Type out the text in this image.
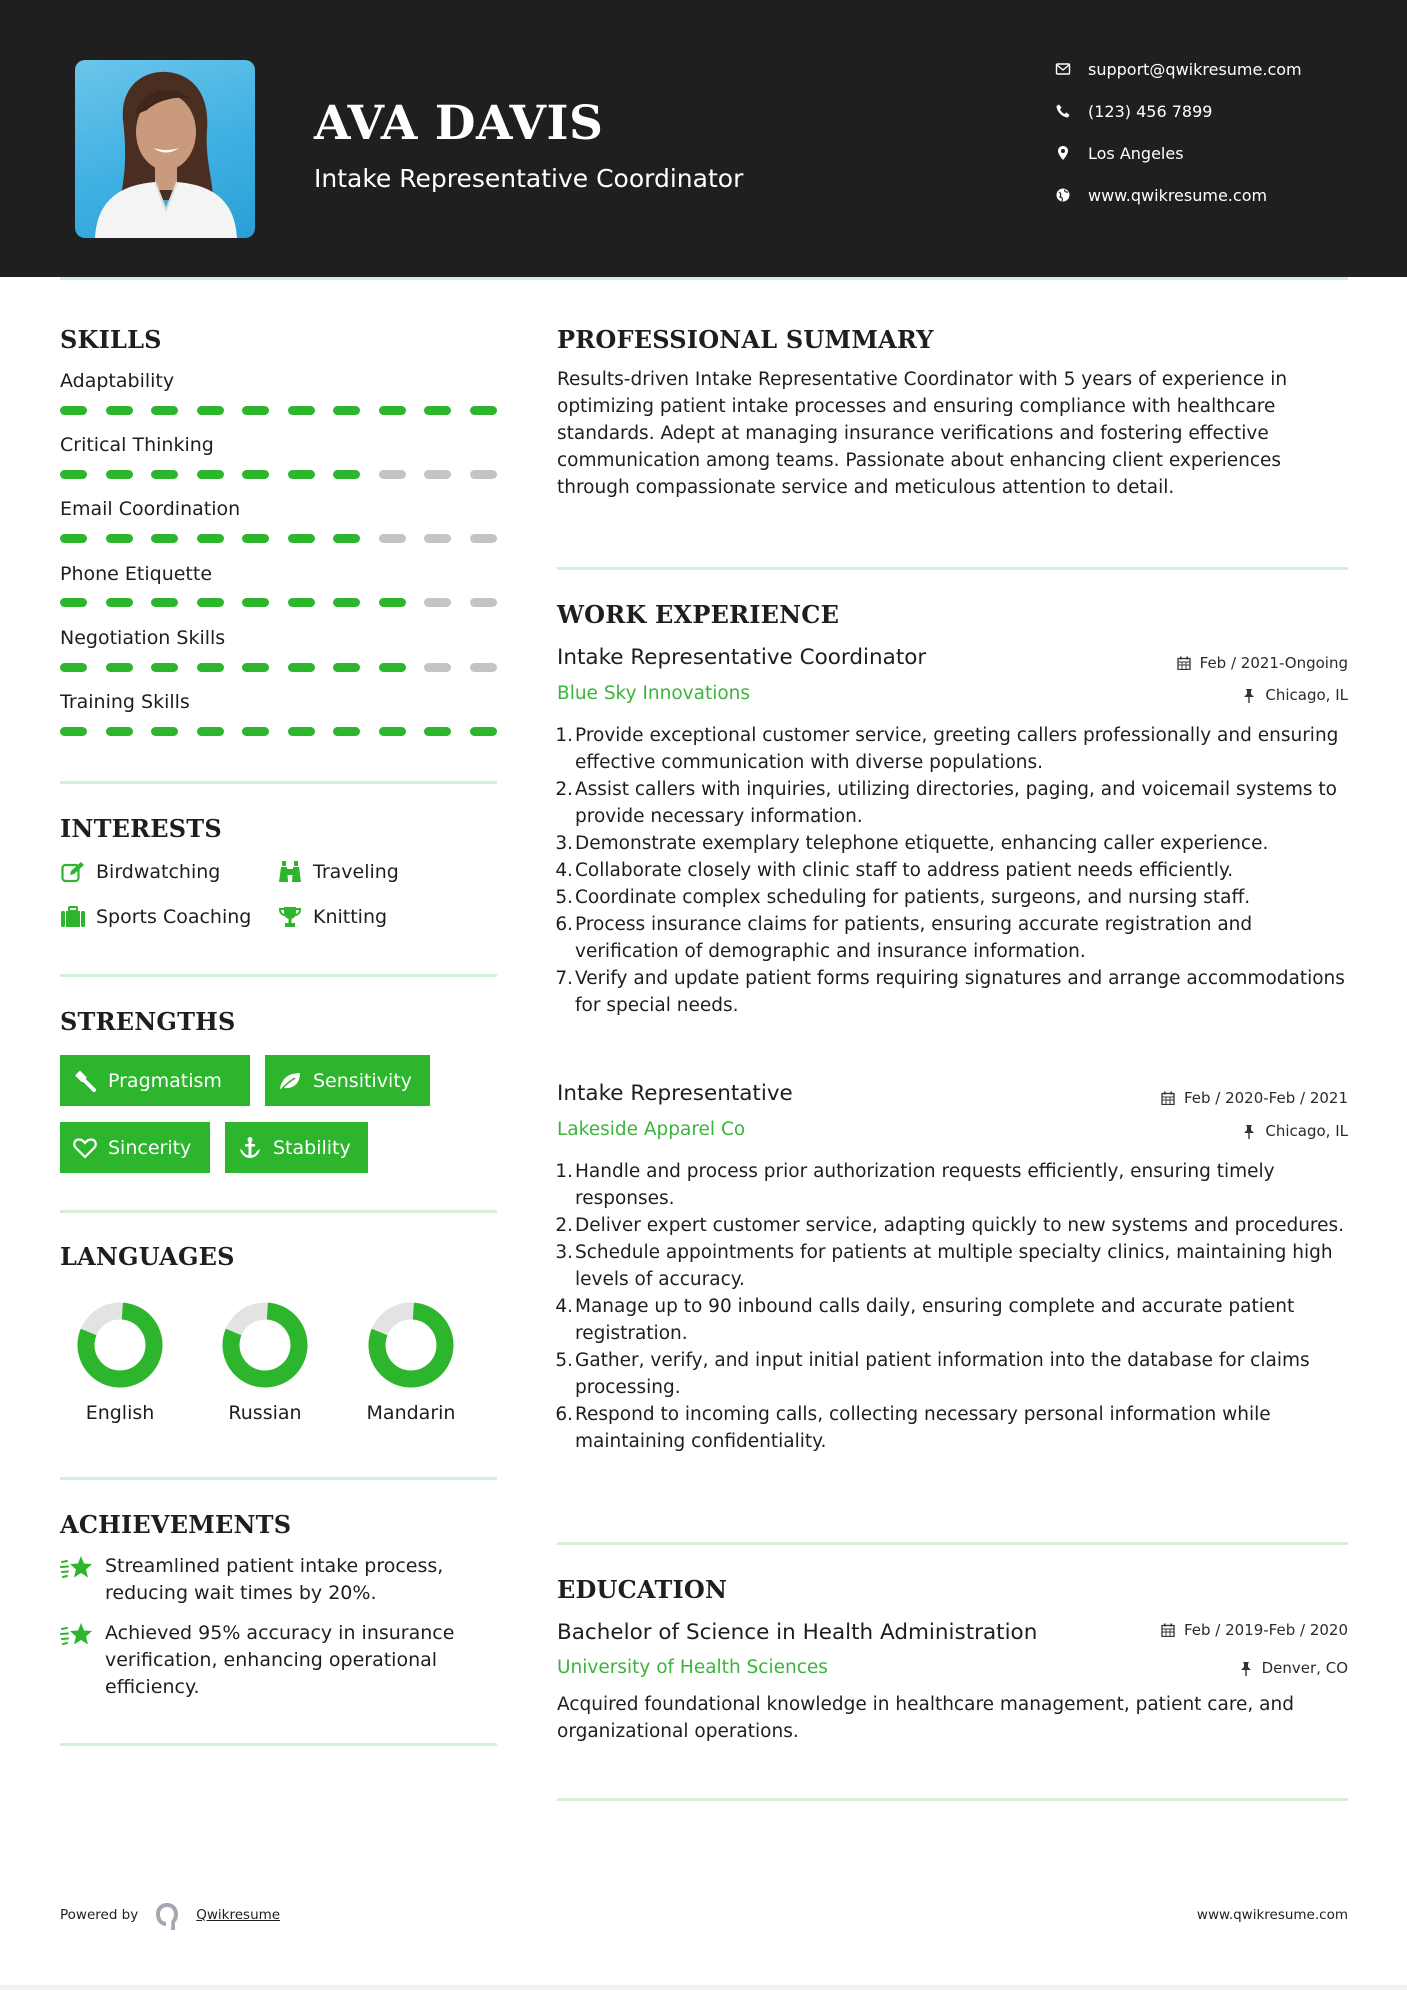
AVA DAVIS
Intake Representative Coordinator
support@qwikresume.com
(123) 456 7899
Los Angeles
www.qwikresume.com
SKILLS
Adaptability
Critical Thinking
Email Coordination
Phone Etiquette
Negotiation Skills
Training Skills
INTERESTS
Birdwatching	Traveling
Sports Coaching	Knitting
STRENGTHS
Pragmatism	Sensitivity
Sincerity	Stability
LANGUAGES
English	Russian	Mandarin
ACHIEVEMENTS
Streamlined patient intake process, reducing wait times by 20%.
Achieved 95% accuracy in insurance verification, enhancing operational efficiency.
PROFESSIONAL SUMMARY
Results-driven Intake Representative Coordinator with 5 years of experience in optimizing patient intake processes and ensuring compliance with healthcare standards. Adept at managing insurance verifications and fostering effective communication among teams. Passionate about enhancing client experiences through compassionate service and meticulous attention to detail.
WORK EXPERIENCE
Intake Representative Coordinator	Feb / 2021-Ongoing
Blue Sky Innovations	Chicago, IL
1. Provide exceptional customer service, greeting callers professionally and ensuring effective communication with diverse populations.
2. Assist callers with inquiries, utilizing directories, paging, and voicemail systems to provide necessary information.
3. Demonstrate exemplary telephone etiquette, enhancing caller experience.
4. Collaborate closely with clinic staff to address patient needs efficiently.
5. Coordinate complex scheduling for patients, surgeons, and nursing staff.
6. Process insurance claims for patients, ensuring accurate registration and verification of demographic and insurance information.
7. Verify and update patient forms requiring signatures and arrange accommodations for special needs.
Intake Representative	Feb / 2020-Feb / 2021
Lakeside Apparel Co	Chicago, IL
1. Handle and process prior authorization requests efficiently, ensuring timely responses.
2. Deliver expert customer service, adapting quickly to new systems and procedures.
3. Schedule appointments for patients at multiple specialty clinics, maintaining high levels of accuracy.
4. Manage up to 90 inbound calls daily, ensuring complete and accurate patient registration.
5. Gather, verify, and input initial patient information into the database for claims processing.
6. Respond to incoming calls, collecting necessary personal information while maintaining confidentiality.
EDUCATION
Bachelor of Science in Health Administration	Feb / 2019-Feb / 2020
University of Health Sciences	Denver, CO
Acquired foundational knowledge in healthcare management, patient care, and organizational operations.
Powered by	Qwikresume	www.qwikresume.com
